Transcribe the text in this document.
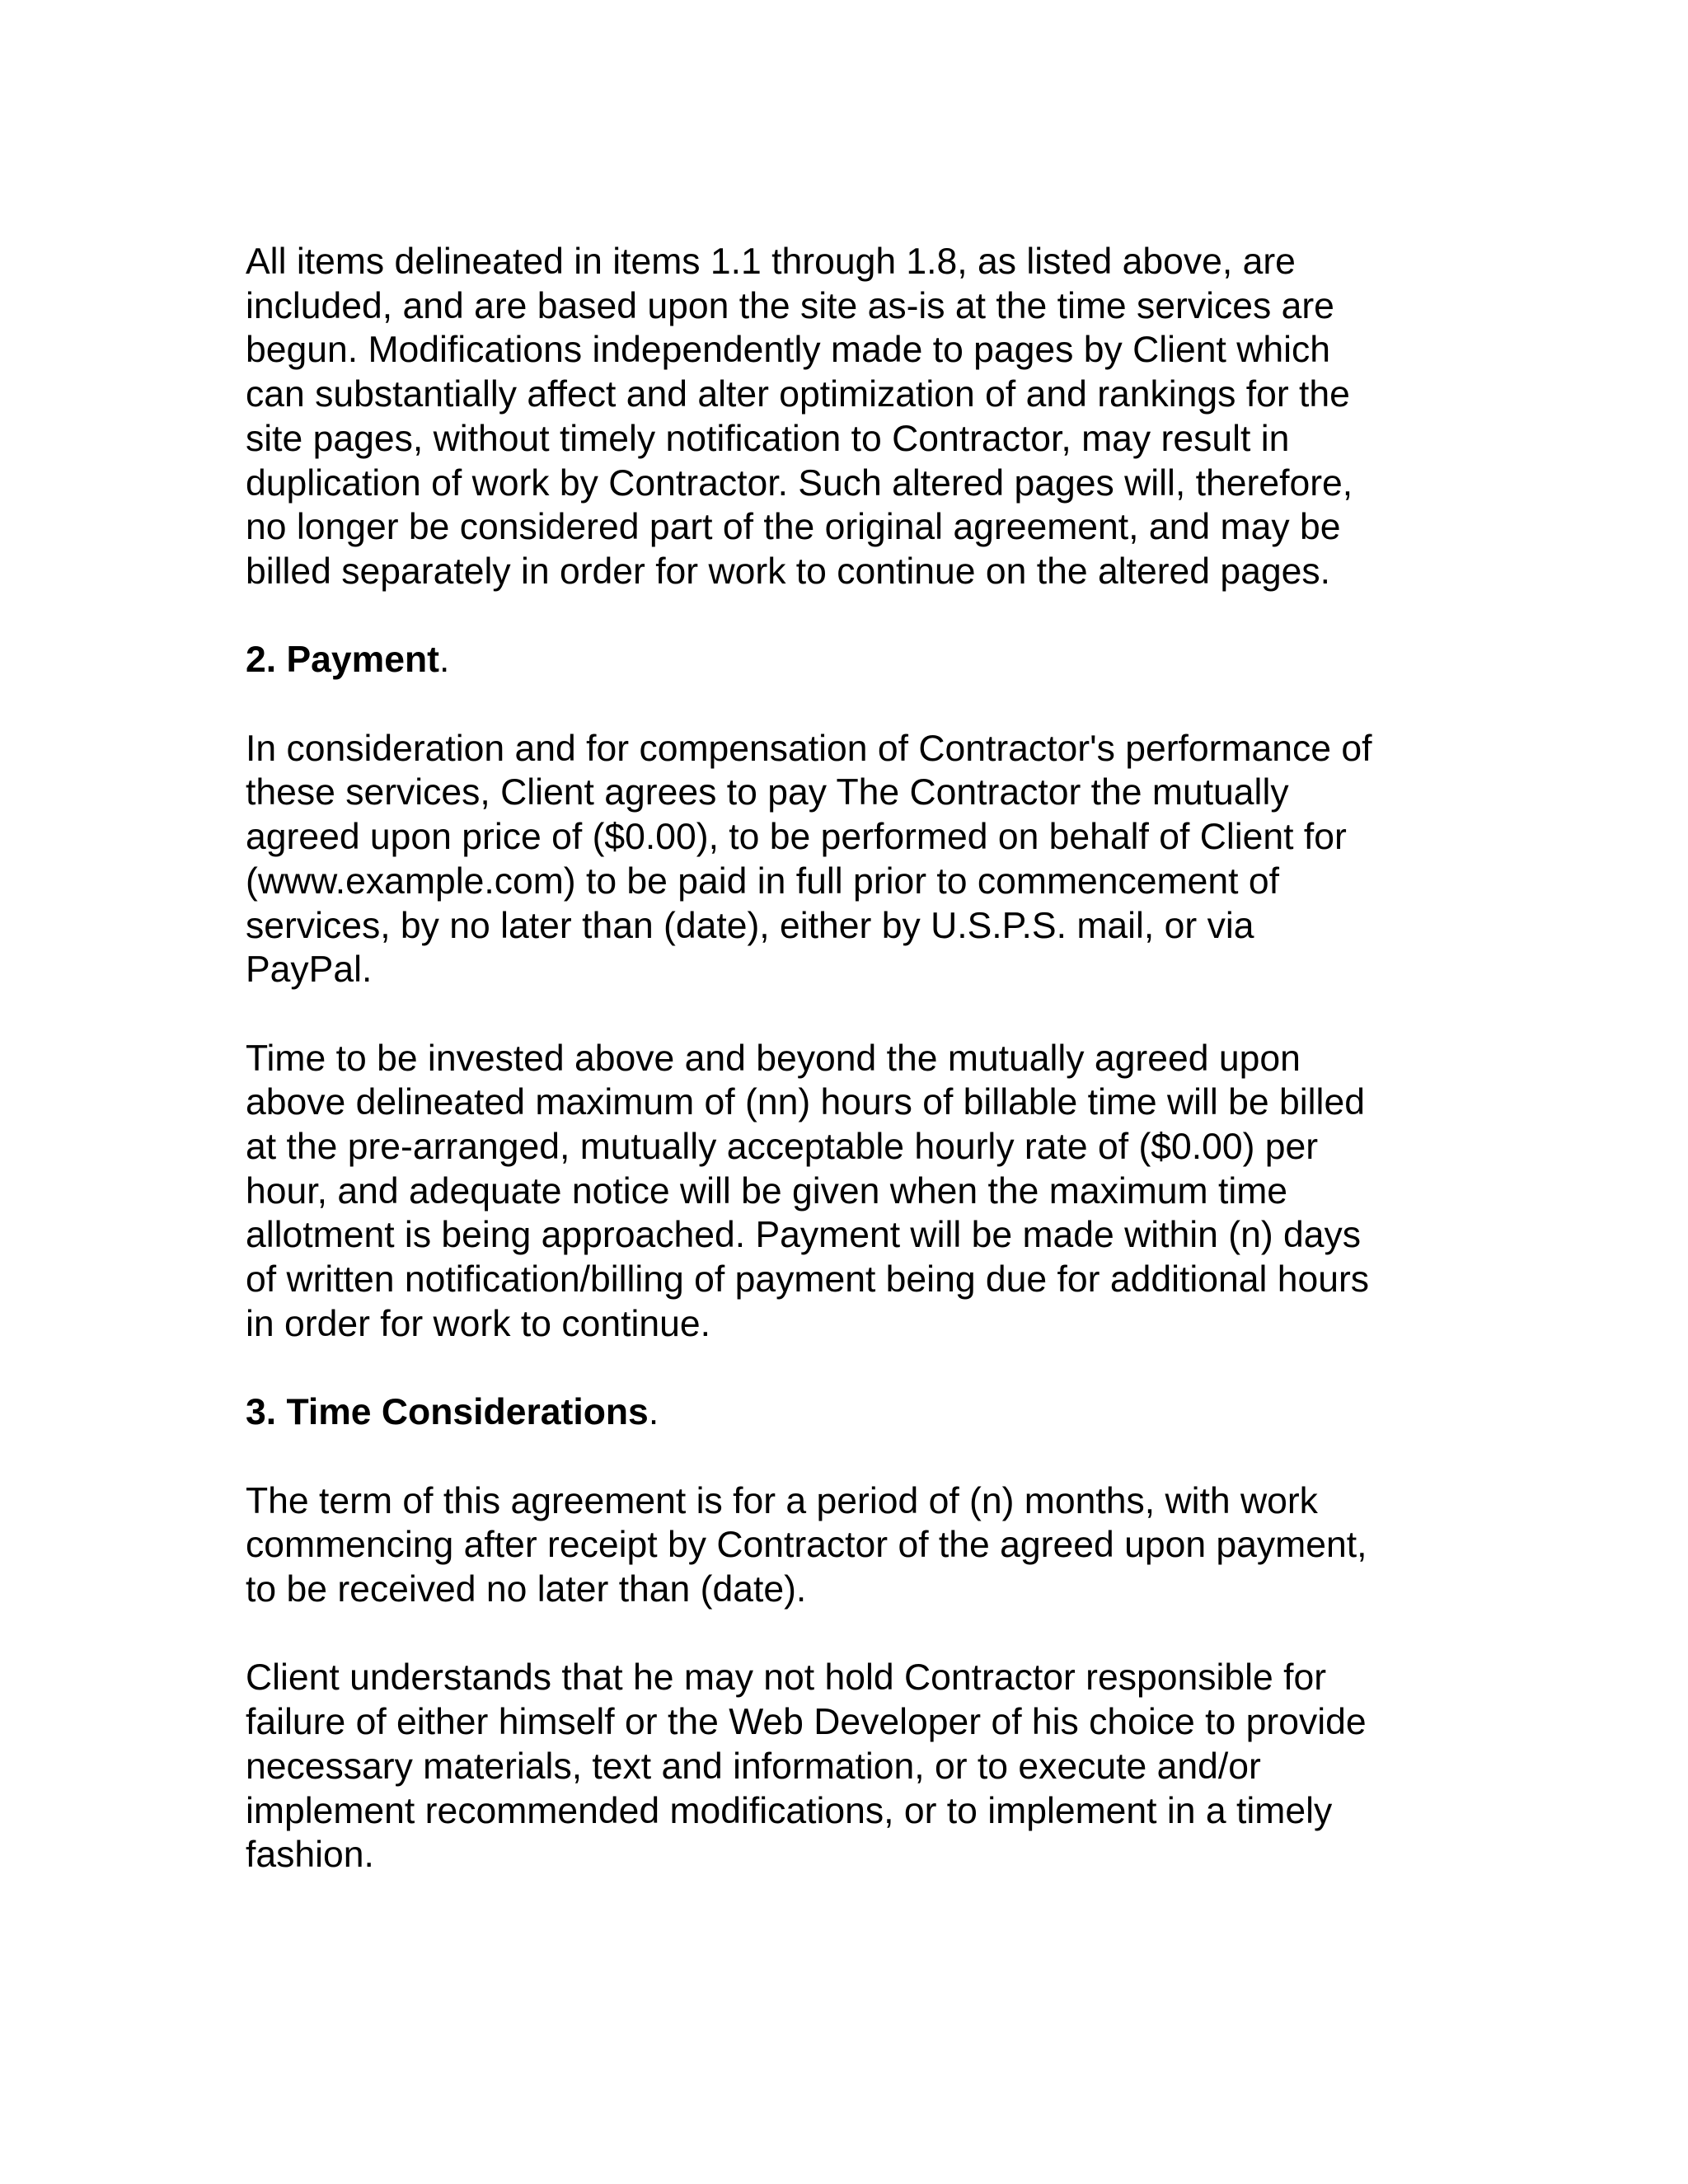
All items delineated in items 1.1 through 1.8, as listed above, are
included, and are based upon the site as-is at the time services are
begun. Modifications independently made to pages by Client which
can substantially affect and alter optimization of and rankings for the
site pages, without timely notification to Contractor, may result in
duplication of work by Contractor. Such altered pages will, therefore,
no longer be considered part of the original agreement, and may be
billed separately in order for work to continue on the altered pages.

2. Payment.

In consideration and for compensation of Contractor's performance of
these services, Client agrees to pay The Contractor the mutually
agreed upon price of ($0.00), to be performed on behalf of Client for
(www.example.com) to be paid in full prior to commencement of
services, by no later than (date), either by U.S.P.S. mail, or via
PayPal.

Time to be invested above and beyond the mutually agreed upon
above delineated maximum of (nn) hours of billable time will be billed
at the pre-arranged, mutually acceptable hourly rate of ($0.00) per
hour, and adequate notice will be given when the maximum time
allotment is being approached. Payment will be made within (n) days
of written notification/billing of payment being due for additional hours
in order for work to continue.

3. Time Considerations.

The term of this agreement is for a period of (n) months, with work
commencing after receipt by Contractor of the agreed upon payment,
to be received no later than (date).

Client understands that he may not hold Contractor responsible for
failure of either himself or the Web Developer of his choice to provide
necessary materials, text and information, or to execute and/or
implement recommended modifications, or to implement in a timely
fashion.
